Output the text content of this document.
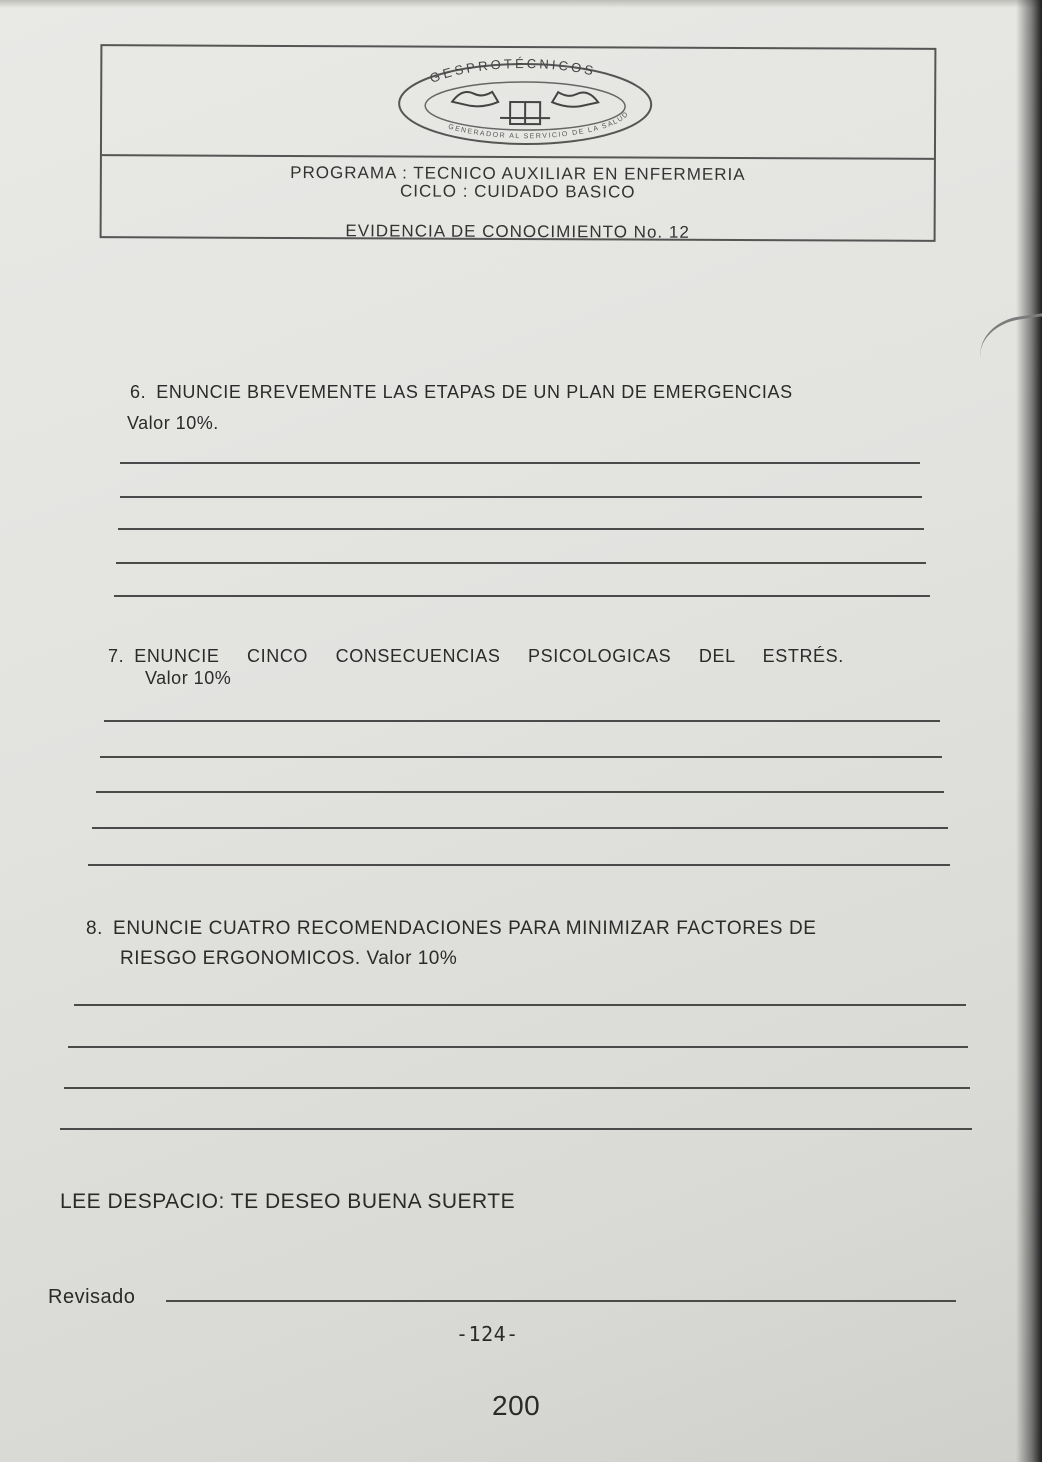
GESPROTÉCNICOS
GENERADOR AL SERVICIO DE LA SALUD
PROGRAMA : TECNICO AUXILIAR EN ENFERMERIA
CICLO : CUIDADO BASICO
EVIDENCIA DE CONOCIMIENTO No. 12
6. ENUNCIE BREVEMENTE LAS ETAPAS DE UN PLAN DE EMERGENCIAS
Valor 10%.
7. ENUNCIE CINCO CONSECUENCIAS PSICOLOGICAS DEL ESTRÉS.
Valor 10%
8. ENUNCIE CUATRO RECOMENDACIONES PARA MINIMIZAR FACTORES DE
RIESGO ERGONOMICOS. Valor 10%
LEE DESPACIO: TE DESEO BUENA SUERTE
Revisado
-124-
200
